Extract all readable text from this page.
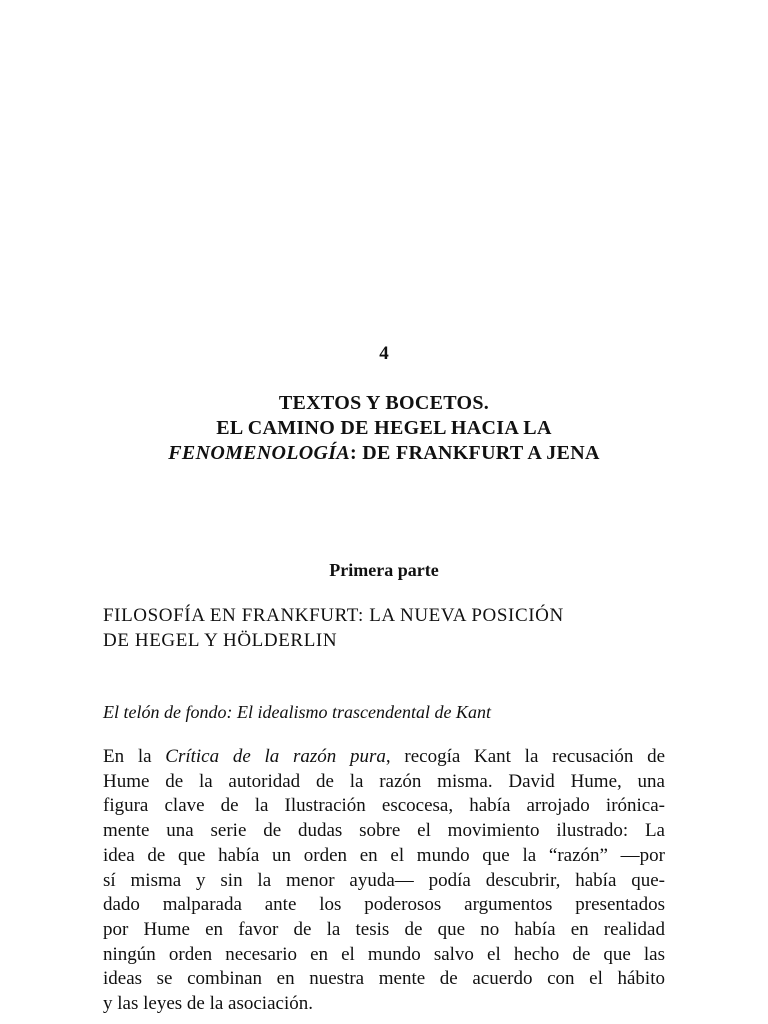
4
TEXTOS Y BOCETOS.
EL CAMINO DE HEGEL HACIA LA
FENOMENOLOGÍA: DE FRANKFURT A JENA
Primera parte
FILOSOFÍA EN FRANKFURT: LA NUEVA POSICIÓN
DE HEGEL Y HÖLDERLIN
El telón de fondo: El idealismo trascendental de Kant
En la Crítica de la razón pura, recogía Kant la recusación de
Hume de la autoridad de la razón misma. David Hume, una
figura clave de la Ilustración escocesa, había arrojado irónica-
mente una serie de dudas sobre el movimiento ilustrado: La
idea de que había un orden en el mundo que la “razón” —por
sí misma y sin la menor ayuda— podía descubrir, había que-
dado malparada ante los poderosos argumentos presentados
por Hume en favor de la tesis de que no había en realidad
ningún orden necesario en el mundo salvo el hecho de que las
ideas se combinan en nuestra mente de acuerdo con el hábito
y las leyes de la asociación.
